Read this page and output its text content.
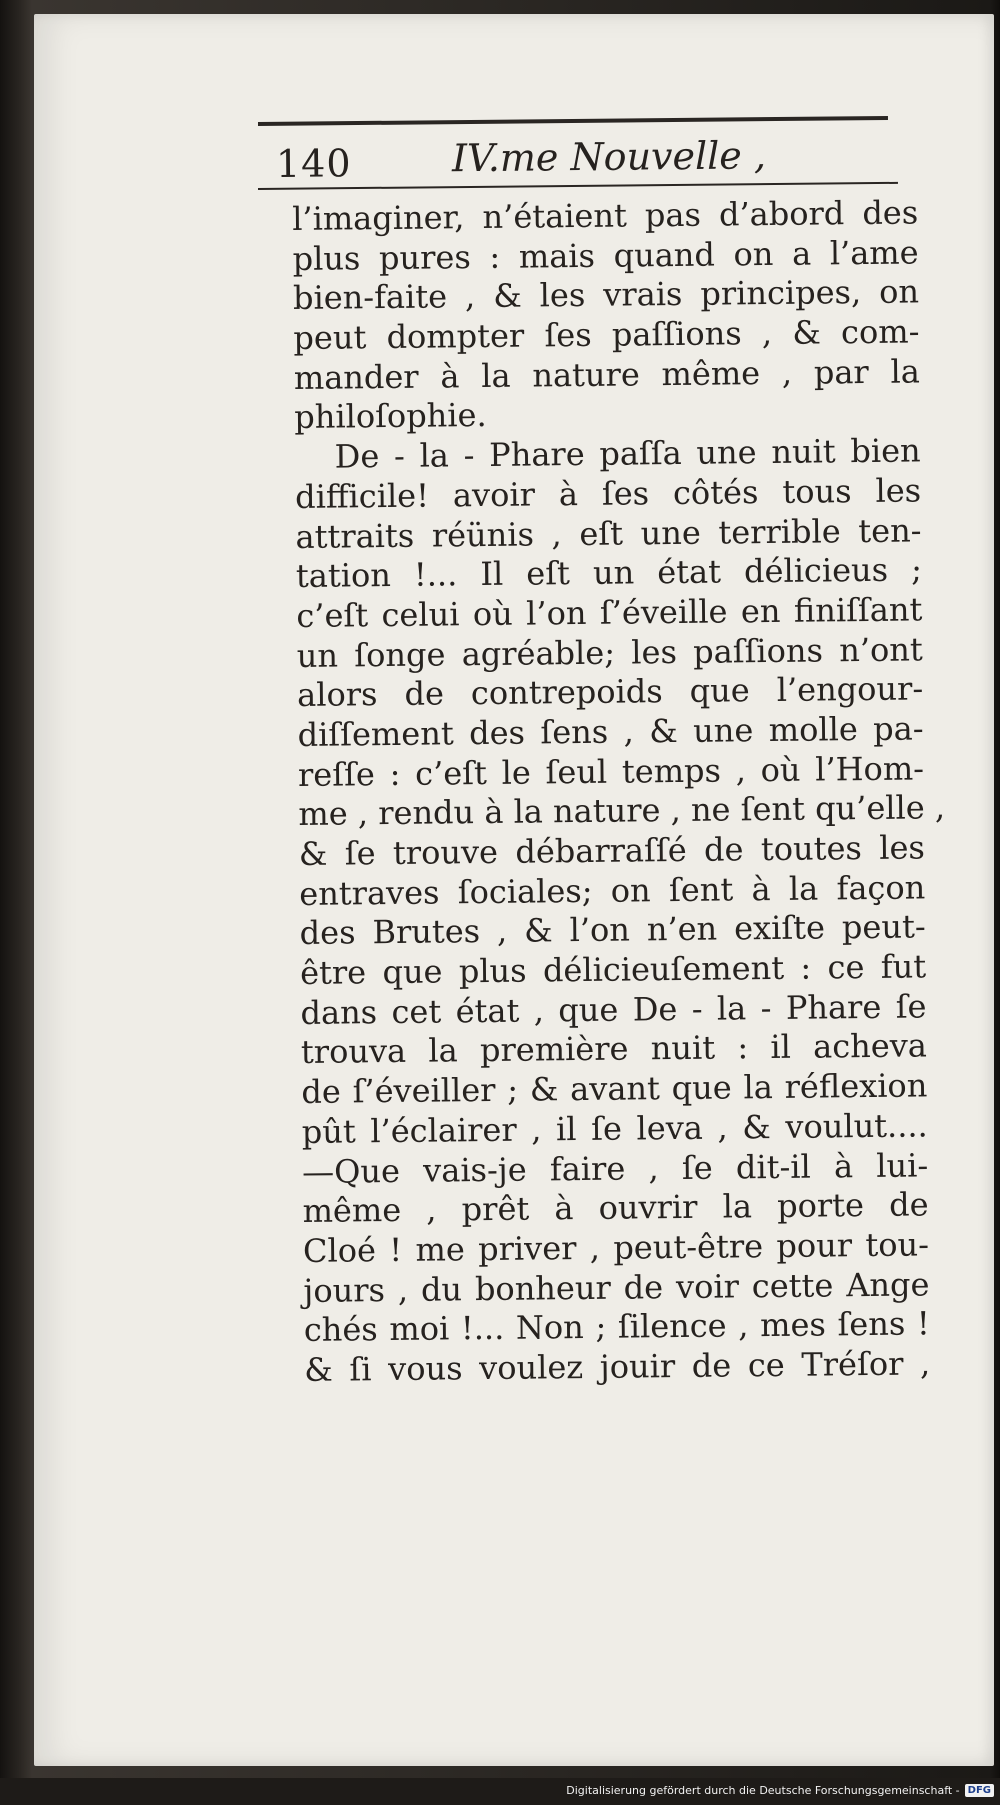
140	IV.me Nouvelle ,
l’imaginer, n’étaient pas d’abord des
plus pures : mais quand on a l’ame
bien-faite , & les vrais principes, on
peut dompter ſes paſſions , & com-
mander à la nature même , par la
philoſophie.
De - la - Phare paſſa une nuit bien
difficile! avoir à ſes côtés tous les
attraits réünis , eſt une terrible ten-
tation !... Il eſt un état délicieus ;
c’eſt celui où l’on ſ’éveille en finiſſant
un ſonge agréable; les paſſions n’ont
alors de contrepoids que l’engour-
diſſement des ſens , & une molle pa-
reſſe : c’eſt le ſeul temps , où l’Hom-
me , rendu à la nature , ne ſent qu’elle ,
& ſe trouve débarraſſé de toutes les
entraves ſociales; on ſent à la façon
des Brutes , & l’on n’en exiſte peut-
être que plus délicieuſement : ce fut
dans cet état , que De - la - Phare ſe
trouva la première nuit : il acheva
de ſ’éveiller ; & avant que la réflexion
pût l’éclairer , il ſe leva , & voulut....
—Que vais-je faire , ſe dit-il à lui-
même , prêt à ouvrir la porte de
Cloé ! me priver , peut-être pour tou-
jours , du bonheur de voir cette Ange
chés moi !... Non ; ſilence , mes ſens !
& ſi vous voulez jouir de ce Tréſor ,
Digitalisierung gefördert durch die Deutsche Forschungsgemeinschaft - DFG
